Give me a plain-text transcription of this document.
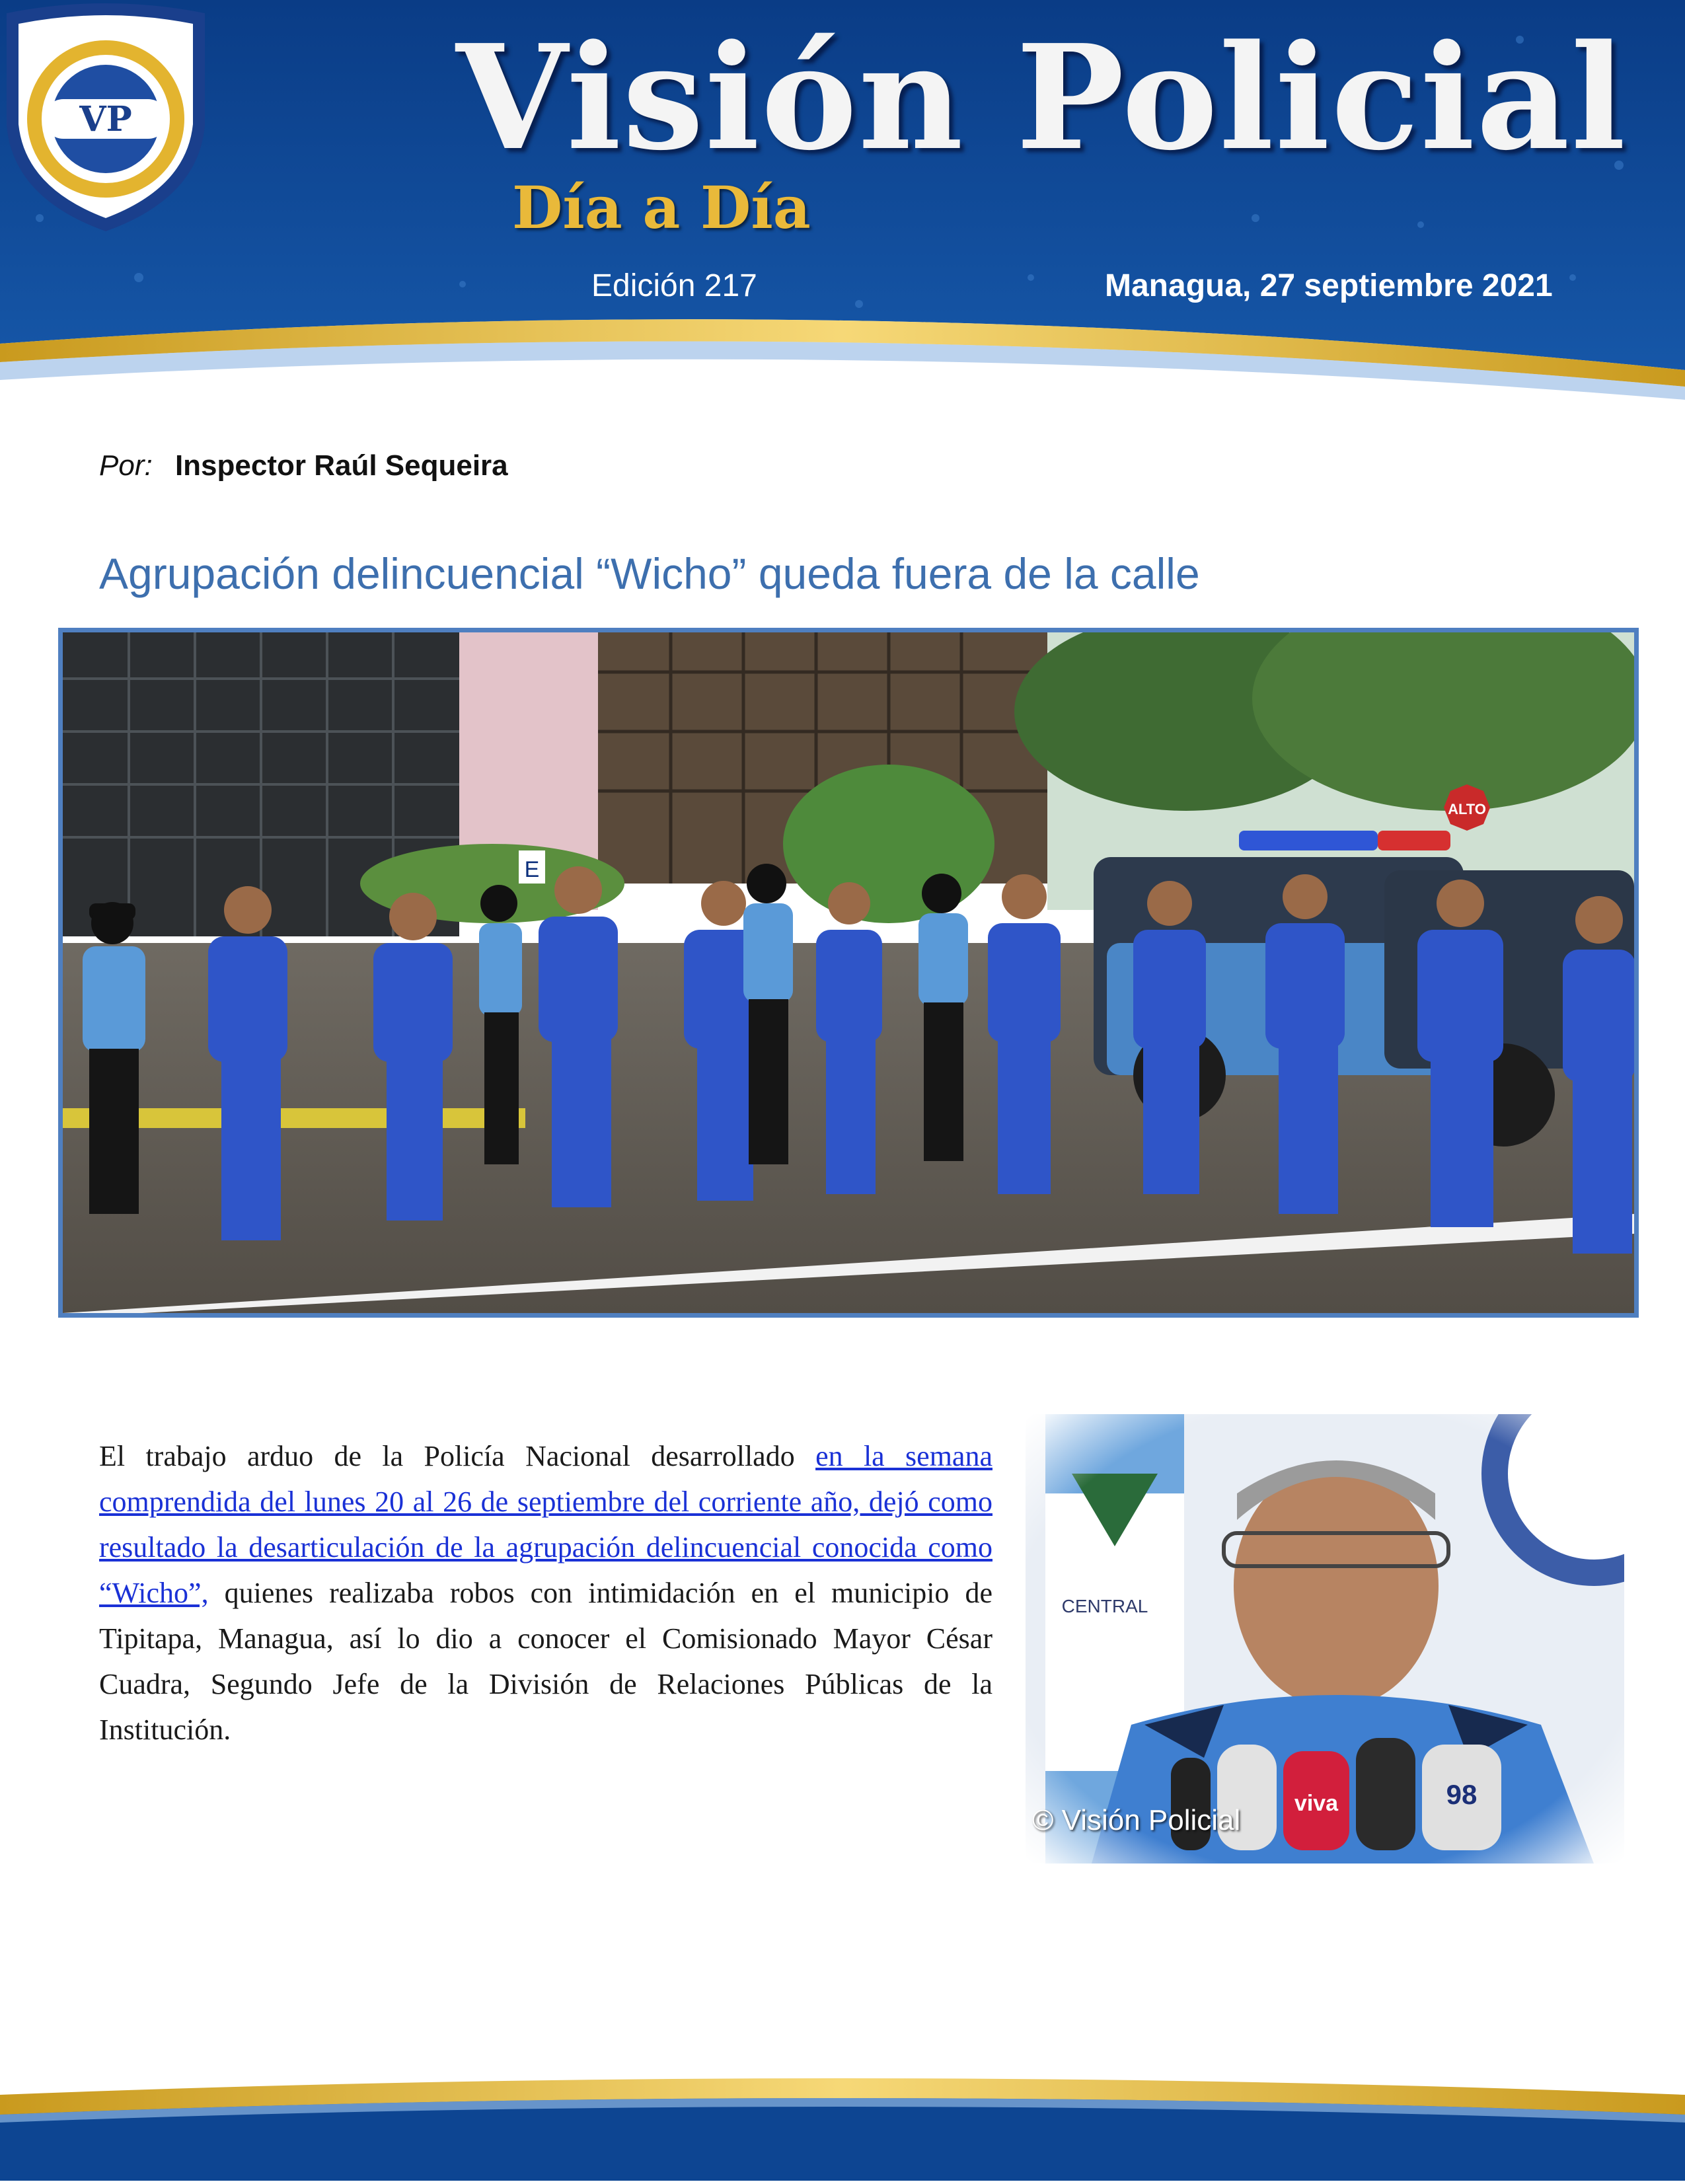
VP Visión Policial
Día a Día
Edición 217	Managua, 27 septiembre 2021
Por: Inspector Raúl Sequeira
Agrupación delincuencial “Wicho” queda fuera de la calle
E
ALTO

El trabajo arduo de la Policía Nacional desarrollado en la semana comprendida del lunes 20 al 26 de septiembre del corriente año, dejó como resultado la desarticulación de la agrupación delincuencial conocida como “Wicho”, quienes realizaba robos con intimidación en el municipio de Tipitapa, Managua, así lo dio a conocer el Comisionado Mayor César Cuadra, Segundo Jefe de la División de Relaciones Públicas de la Institución.

© Visión Policial
